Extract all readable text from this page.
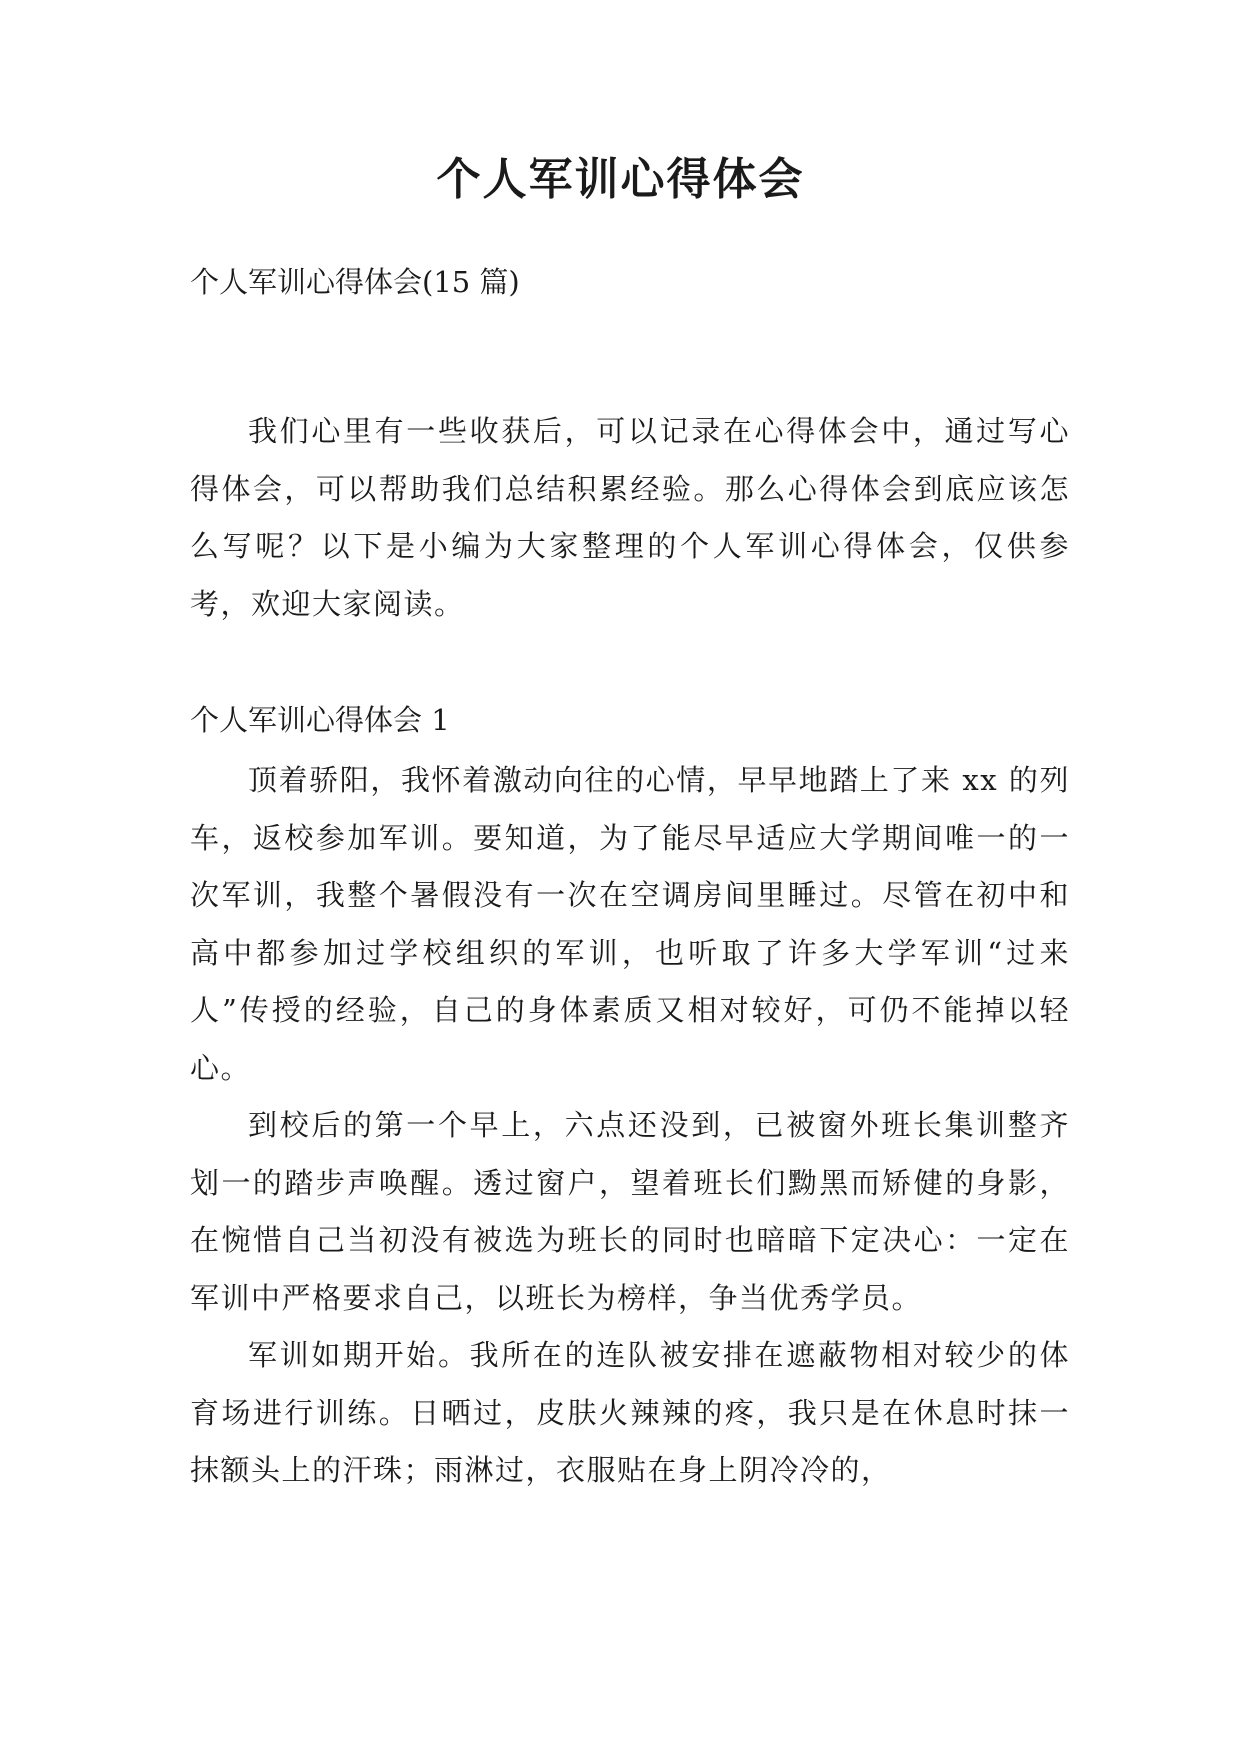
个人军训心得体会
个人军训心得体会(15 篇)

我们心里有一些收获后，可以记录在心得体会中，通过写心得体会，可以帮助我们总结积累经验。那么心得体会到底应该怎么写呢？以下是小编为大家整理的个人军训心得体会，仅供参考，欢迎大家阅读。

个人军训心得体会 1

顶着骄阳，我怀着激动向往的心情，早早地踏上了来 xx 的列车，返校参加军训。要知道，为了能尽早适应大学期间唯一的一次军训，我整个暑假没有一次在空调房间里睡过。尽管在初中和高中都参加过学校组织的军训，也听取了许多大学军训“过来人”传授的经验，自己的身体素质又相对较好，可仍不能掉以轻心。

到校后的第一个早上，六点还没到，已被窗外班长集训整齐划一的踏步声唤醒。透过窗户，望着班长们黝黑而矫健的身影，在惋惜自己当初没有被选为班长的同时也暗暗下定决心：一定在军训中严格要求自己，以班长为榜样，争当优秀学员。

军训如期开始。我所在的连队被安排在遮蔽物相对较少的体育场进行训练。日晒过，皮肤火辣辣的疼，我只是在休息时抹一抹额头上的汗珠；雨淋过，衣服贴在身上阴冷冷的，
